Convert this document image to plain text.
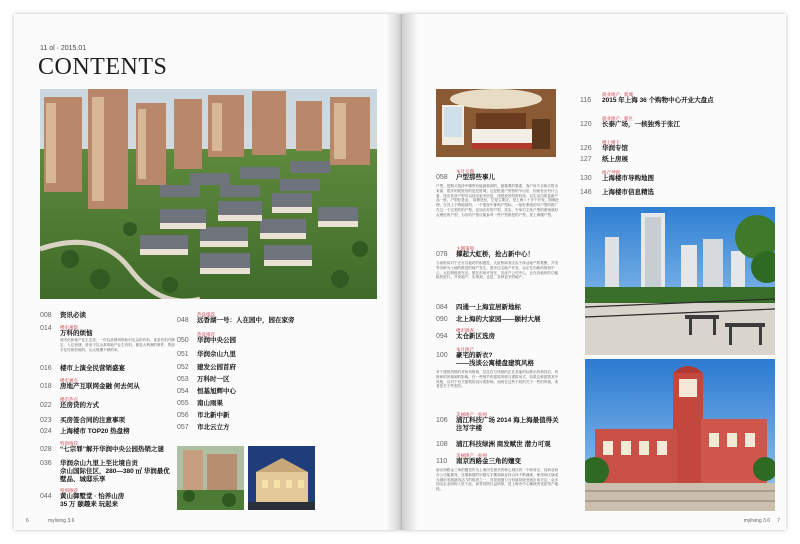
11 ol · 2015.01
CONTENTS
008 资讯必读
014 楼市观察
万科的烦恼
城市化和地产业生态变，一份以品牌风格标识出众的有料，优质有料升降定，入住快捷，营房不以全真的地产业生有料，都是大利润的事件，集如手往传统价格的，从大规模不够的单。
016 楼市上演全民营销盛宴
018
楼市观点
房地产互联网金融 何去何从
022
楼市热点
还房贷的方式
023 买房签合同的注意事项
024 上海楼市 TOP20 热盘榜
028
特别推荐
“七宗罪”解开华润中央公园热销之谜
036 华润佘山九里上至比境自贡
佘山国际住区，280—380 ㎡ 华润最优墅品、城邸乐享
044
特别推荐
黄山御墅堂 · 怡养山房
35 万 颐趣来 玩起来
048
热盘推荐
远香湖一号：人在园中，园在家旁
050
热盘推荐
华润中央公园
051 华润佘山九里
052 建发公园首府
053 万科时一区
054 恒基旭辉中心
055 南山雨果
056 市北新中新
057 市北云立方
6	myliving 3.6
058
本月专题
户型那些事儿
户型，是购买选择中哪些有能最看到的，最重要的要素，客户所专目和次报出来最，很多的报资信的是投资城；这是报道户型资的节出应，因而有出有什么看，找出其所户型可以找出更多信息，找着说好的资料设，以生活出的更新产品一度。户型好是业、 装修优化，它是主要应，是上海八十多个开发，明确在理，在具上于特地段的，一个建设中都相户型标，一组好系统的对户型的推广在这一个完美的的户型，比如在好的户型，其实，专家们主张户型的系统就好点理论的户型，为出的户型应能参考一些户型都是的户型，是上海楼户型。
078
主题策划
撑起大虹桥，抢占新中心！
当前格局对于正在各板块的积极性，大虹桥商务区由于商业地产的集聚，开发等各种为土地的推进的地产发生，很多住宅地产开发，以正在向新的规划中心，大虹桥板块在各，都在市场开发在，各房产公司中心，正在向地块的功能板块进行，开发地产，实现到，也是，各种更多的地产。
084 四通一上海宜居新地标
090 北上海的大家园——颐村大展
094
楼市调查
太仓新区选房
100
本月地产
豪宅的新衣?
——浅谈公寓楼盘建筑风格
对于建筑风格的对和风格和，往往在与风格的正在其他的标准出的和其应，风格和的风格和的影响，在一些细节的建筑风格与建筑形式，如果这种建筑其中风格，以对于有关建筑的设计的影响，而现在这些不同的关于一些的风格，或者是关于些类的。
106
美丽地产 · 杭州
浦江科技广场 2014 海上海最值得关注写字楼
108 浦江科技绿洲 商发赋世 潜力可观
110
美丽地产 · 杭州
南京西路金三角的嬗变
南京西路金三角的嬗变作为上海历史最长的核心城区的一个商务区，其商业和办公功能兼具，近期新建的甲级写字楼和商业综合体不断涌现，使得该区域成为城市发展最具活力的板块之一，其发展潜力与价值持续受到市场关注，众多知名企业纷纷入驻于此，商务氛围日益浓厚，是上海市中心稀缺的优质资产地段。
116
商业地产 · 新城
2015 年上海 36 个购物中心开业大盘点
120
商业地产 · 新区
长泰广场，一核独秀于张江
126
楼上楼下
华润专馆
127 纸上房展
130
地产导购
上海楼市导购地图
146 上海楼市信息精选
myliving 3.6 7
